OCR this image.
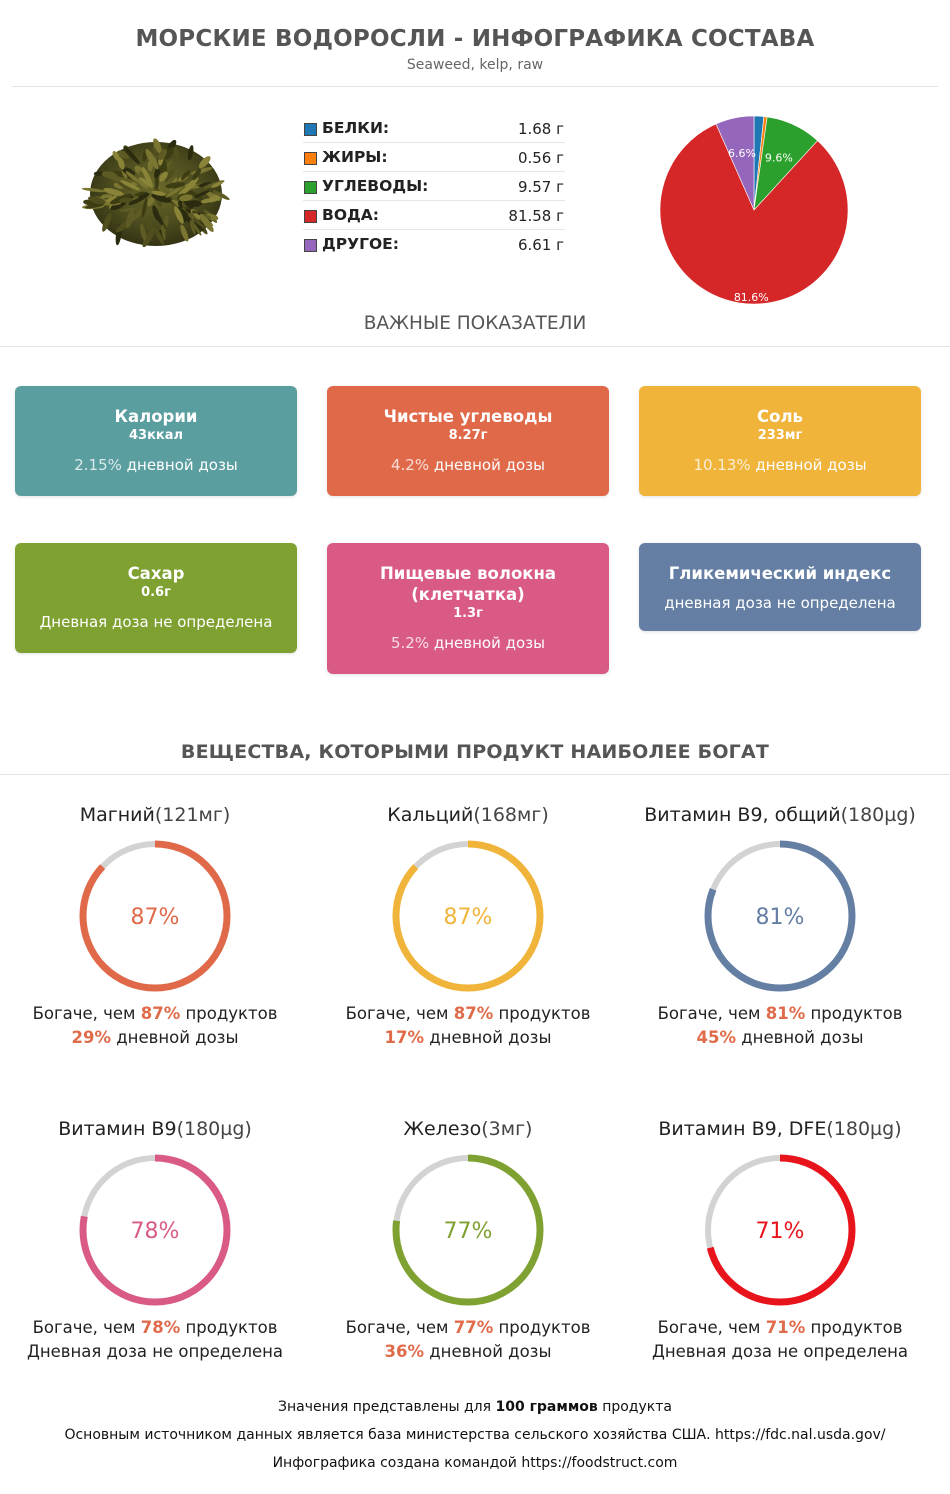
МОРСКИЕ ВОДОРОСЛИ - ИНФОГРАФИКА СОСТАВА
Seaweed, kelp, raw
БЕЛКИ:	1.68 г
ЖИРЫ:	0.56 г
УГЛЕВОДЫ:	9.57 г
ВОДА:	81.58 г
ДРУГОЕ:	6.61 г
9.6%
81.6%
6.6%
ВАЖНЫЕ ПОКАЗАТЕЛИ
Калории
43ккал
2.15% дневной дозы
Чистые углеводы
8.27г
4.2% дневной дозы
Соль
233мг
10.13% дневной дозы
Сахар
0.6г
Дневная доза не определена
Пищевые волокна (клетчатка)
1.3г
5.2% дневной дозы
Гликемический индекс
дневная доза не определена
ВЕЩЕСТВА, КОТОРЫМИ ПРОДУКТ НАИБОЛЕЕ БОГАТ
Магний(121мг)
87%
Богаче, чем 87% продуктов
29% дневной дозы
Кальций(168мг)
87%
Богаче, чем 87% продуктов
17% дневной дозы
Витамин B9, общий(180µg)
81%
Богаче, чем 81% продуктов
45% дневной дозы
Витамин B9(180µg)
78%
Богаче, чем 78% продуктов
Дневная доза не определена
Железо(3мг)
77%
Богаче, чем 77% продуктов
36% дневной дозы
Витамин B9, DFE(180µg)
71%
Богаче, чем 71% продуктов
Дневная доза не определена
Значения представлены для 100 граммов продукта
Основным источником данных является база министерства сельского хозяйства США. https://fdc.nal.usda.gov/
Инфографика создана командой https://foodstruct.com
